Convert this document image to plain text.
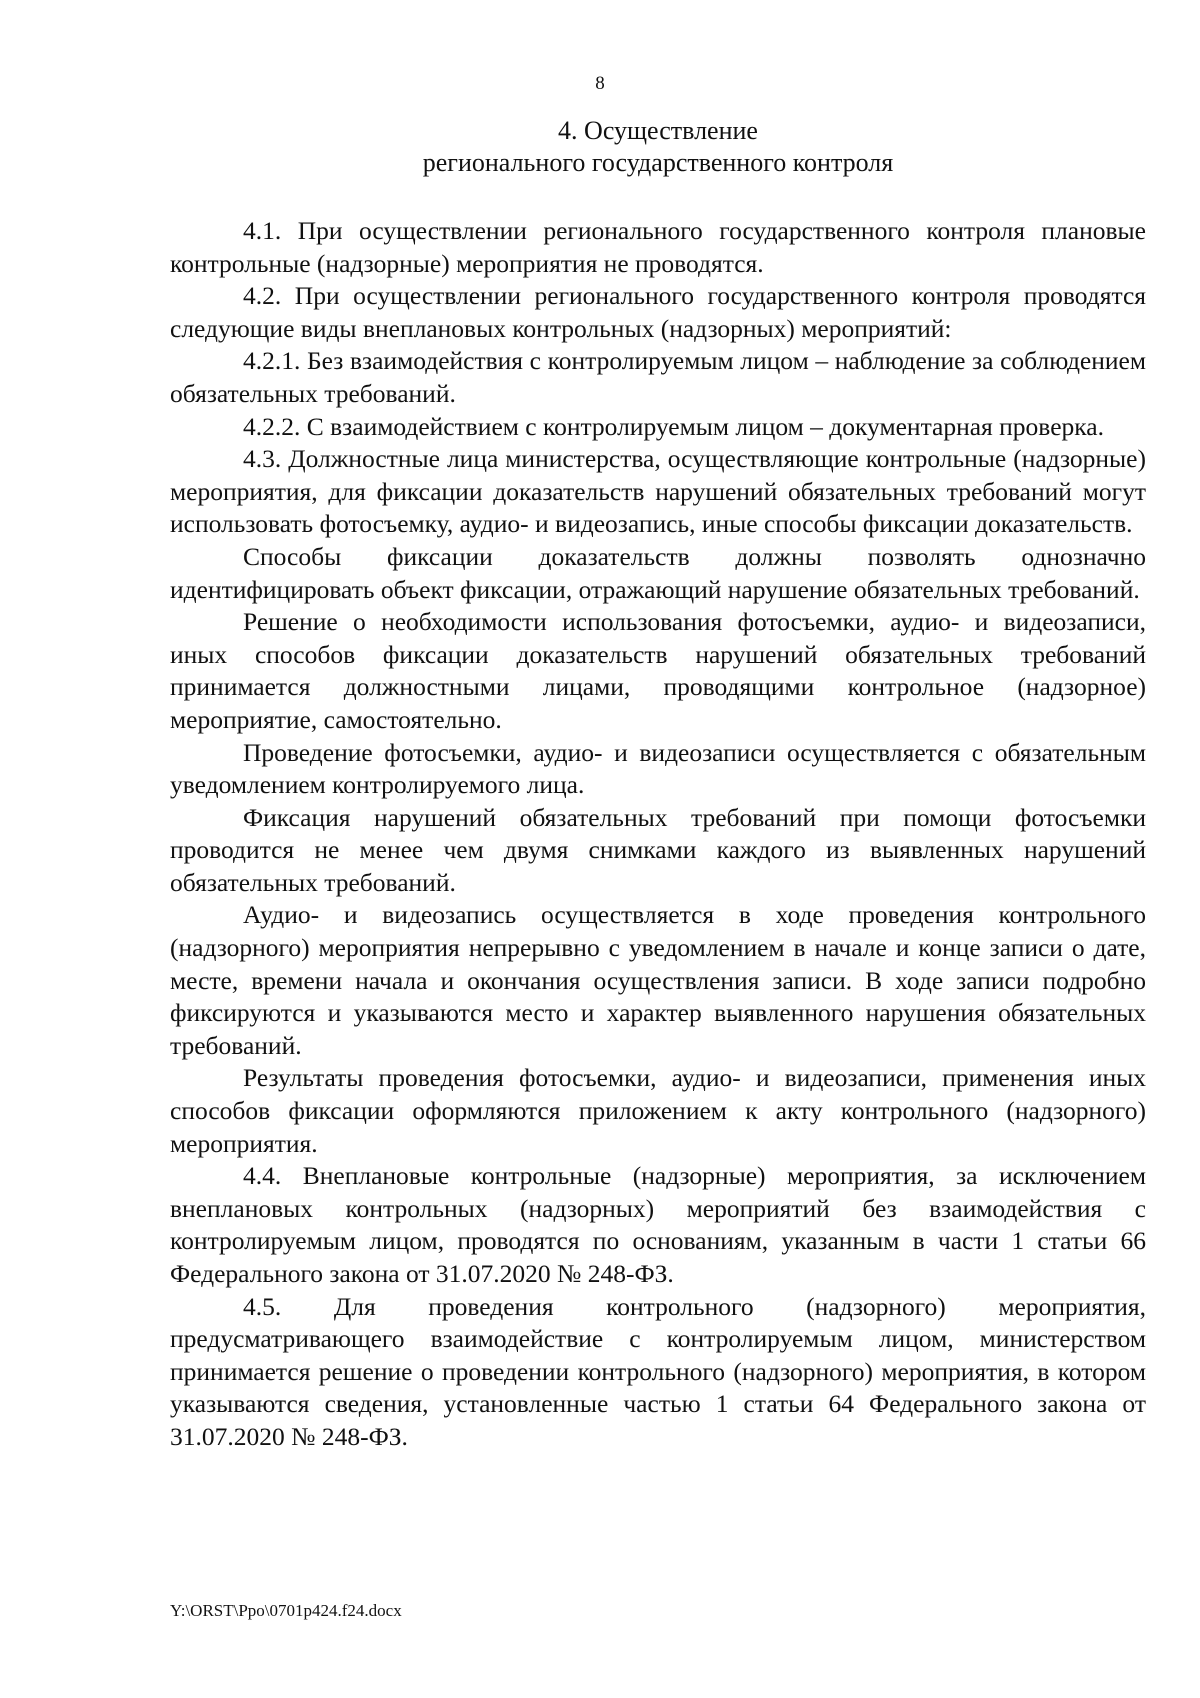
8
4. Осуществление
регионального государственного контроля

4.1. При осуществлении регионального государственного контроля плановые контрольные (надзорные) мероприятия не проводятся.

4.2. При осуществлении регионального государственного контроля проводятся следующие виды внеплановых контрольных (надзорных) мероприятий:

4.2.1. Без взаимодействия с контролируемым лицом – наблюдение за соблюдением обязательных требований.

4.2.2. С взаимодействием с контролируемым лицом – документарная проверка.

4.3. Должностные лица министерства, осуществляющие контрольные (надзорные) мероприятия, для фиксации доказательств нарушений обязательных требований могут использовать фотосъемку, аудио- и видеозапись, иные способы фиксации доказательств.

Способы фиксации доказательств должны позволять однозначно идентифицировать объект фиксации, отражающий нарушение обязательных требований.

Решение о необходимости использования фотосъемки, аудио- и видеозаписи, иных способов фиксации доказательств нарушений обязательных требований принимается должностными лицами, проводящими контрольное (надзорное) мероприятие, самостоятельно.

Проведение фотосъемки, аудио- и видеозаписи осуществляется с обязательным уведомлением контролируемого лица.

Фиксация нарушений обязательных требований при помощи фотосъемки проводится не менее чем двумя снимками каждого из выявленных нарушений обязательных требований.

Аудио- и видеозапись осуществляется в ходе проведения контрольного (надзорного) мероприятия непрерывно с уведомлением в начале и конце записи о дате, месте, времени начала и окончания осуществления записи. В ходе записи подробно фиксируются и указываются место и характер выявленного нарушения обязательных требований.

Результаты проведения фотосъемки, аудио- и видеозаписи, применения иных способов фиксации оформляются приложением к акту контрольного (надзорного) мероприятия.

4.4. Внеплановые контрольные (надзорные) мероприятия, за исключением внеплановых контрольных (надзорных) мероприятий без взаимодействия с контролируемым лицом, проводятся по основаниям, указанным в части 1 статьи 66 Федерального закона от 31.07.2020 № 248-ФЗ.

4.5. Для проведения контрольного (надзорного) мероприятия, предусматривающего взаимодействие с контролируемым лицом, министерством принимается решение о проведении контрольного (надзорного) мероприятия, в котором указываются сведения, установленные частью 1 статьи 64 Федерального закона от 31.07.2020 № 248-ФЗ.

Y:\ORST\Ppo\0701p424.f24.docx
